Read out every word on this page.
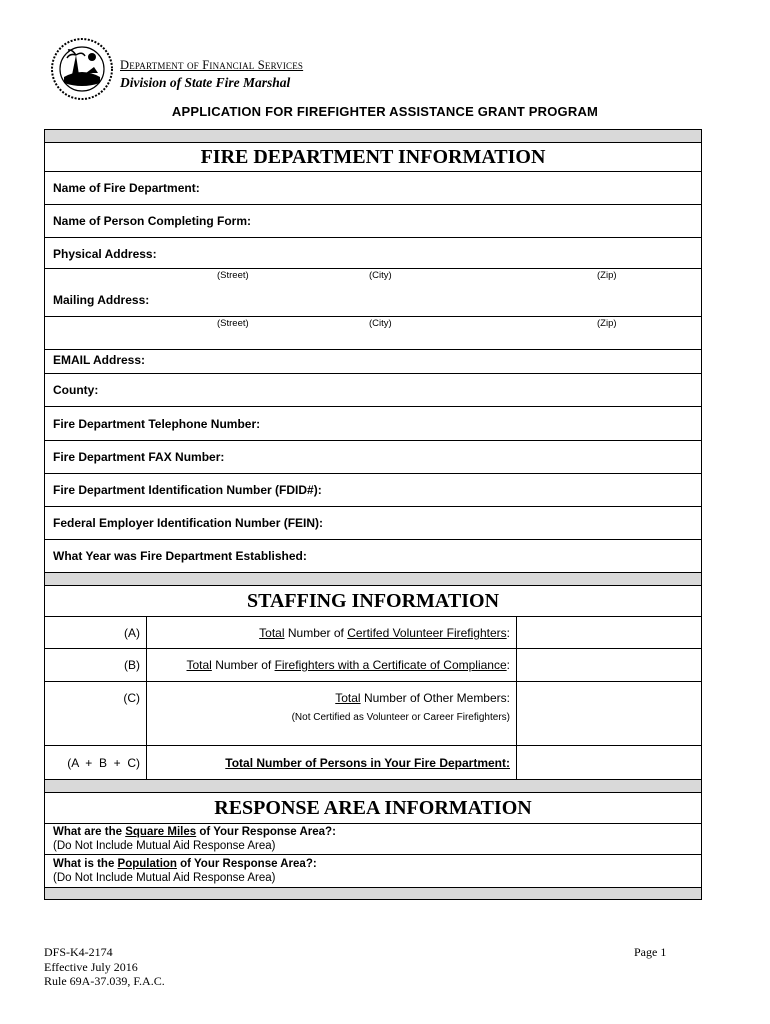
Department of Financial Services
Division of State Fire Marshal
APPLICATION FOR FIREFIGHTER ASSISTANCE GRANT PROGRAM
FIRE DEPARTMENT INFORMATION
Name of Fire Department:
Name of Person Completing Form:
Physical Address:
(Street)	(City)	(Zip)
Mailing Address:
(Street)	(City)	(Zip)
EMAIL Address:
County:
Fire Department Telephone Number:
Fire Department FAX Number:
Fire Department Identification Number (FDID#):
Federal Employer Identification Number (FEIN):
What Year was Fire Department Established:
STAFFING INFORMATION
(A)	Total Number of Certifed Volunteer Firefighters:
(B)	Total Number of Firefighters with a Certificate of Compliance:
(C)	Total Number of Other Members:
(Not Certified as Volunteer or Career Firefighters)
(A  +  B  +  C)	Total Number of Persons in Your Fire Department:
RESPONSE AREA INFORMATION
What are the Square Miles of Your Response Area?:
(Do Not Include Mutual Aid Response Area)
What is the Population of Your Response Area?:
(Do Not Include Mutual Aid Response Area)
DFS-K4-2174
Effective July 2016
Rule 69A-37.039, F.A.C.
Page 1
